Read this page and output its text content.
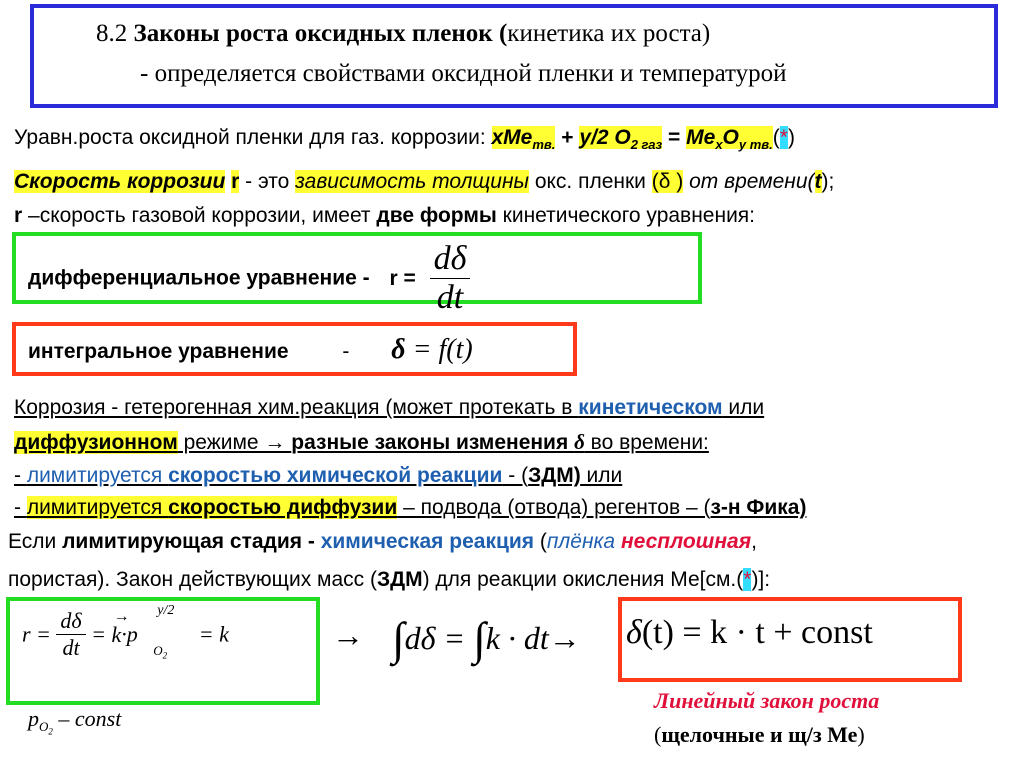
8.2 Законы роста оксидных пленок (кинетика их роста)
- определяется свойствами оксидной пленки и температурой
Уравн.роста оксидной пленки для газ. коррозии: xMe$_{тв.}$ + y/2 $O_{2 газ} = Me_xO_{y тв.}(*)$
Скорость коррозии r - это зависимость толщины окс. пленки (δ ) от времени(t);
r –скорость газовой коррозии, имеет две формы кинетического уравнения:
дифференциальное уравнение - $r = \frac{d\delta}{dt}$
интегральное уравнение	- δ = f(t)
Коррозия - гетерогенная хим.реакция (может протекать в кинетическом или
диффузионном режиме → разные законы изменения δ во времени:
- лимитируется скоростью химической реакции - (ЗДМ) или
- лимитируется скоростью диффузии – подвода (отвода) регентов – (з-н Фика)
Если лимитирующая стадия - химическая реакция (плёнка несплошная,
пористая). Закон действующих масс (ЗДМ) для реакции окисления Ме[см.(*)]:
$r = \frac{d\delta}{dt}$ =
→
k·p
y/2
$O_2$
= k
$p_{O_2}$ – const
→ ∫dδ = ∫k · dt→ δ(t) = k · t + const
Линейный закон роста
(щелочные и щ/з Ме)
